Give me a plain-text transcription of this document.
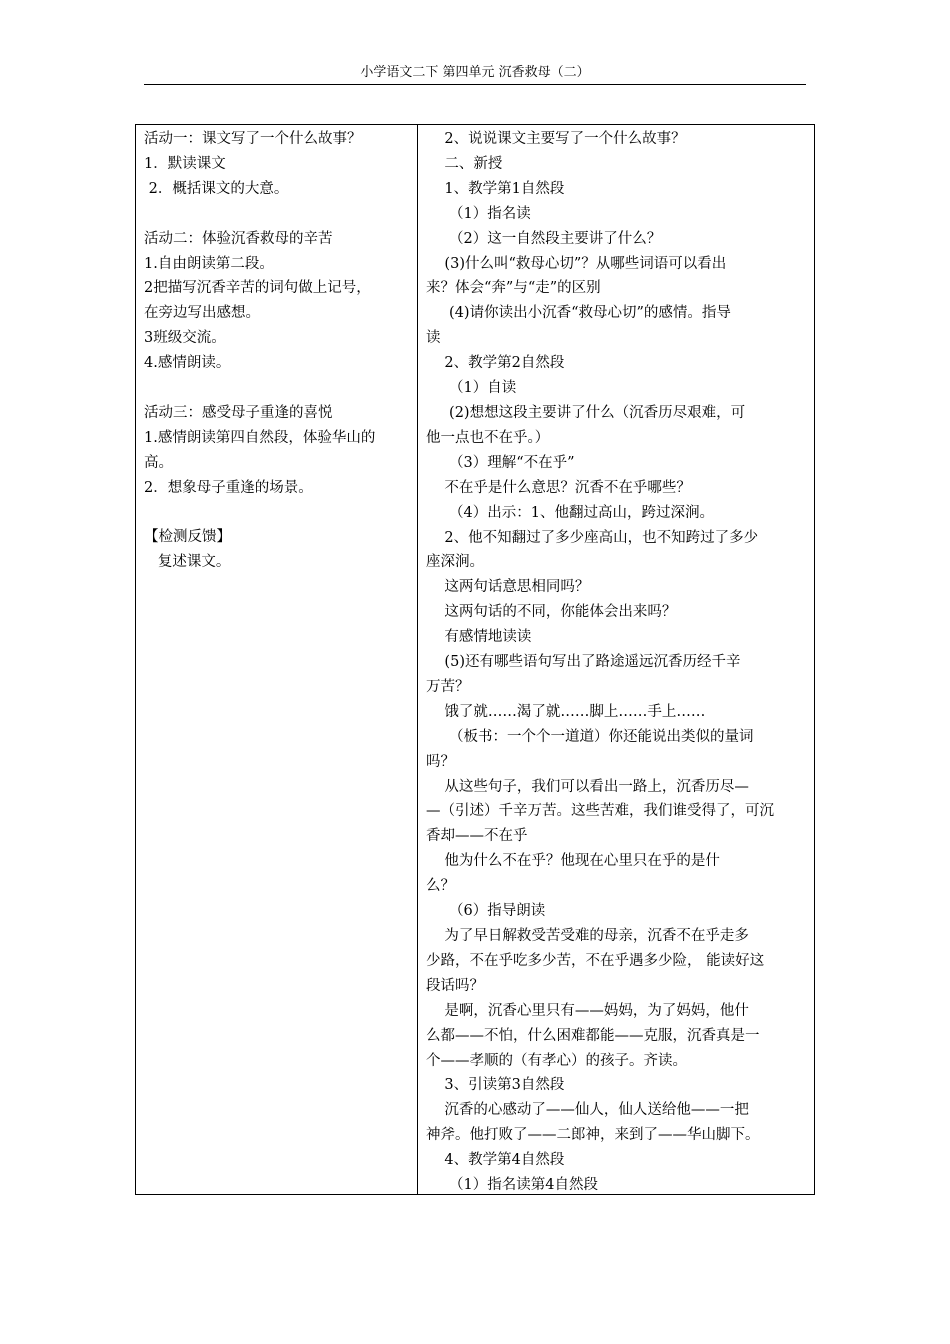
小学语文二下 第四单元 沉香救母（二）
活动一：课文写了一个什么故事？
1．默读课文
2．概括课文的大意。
活动二：体验沉香救母的辛苦
1.自由朗读第二段。
2把描写沉香辛苦的词句做上记号，
在旁边写出感想。
3班级交流。
4.感情朗读。
活动三：感受母子重逢的喜悦
1.感情朗读第四自然段，体验华山的
高。
2．想象母子重逢的场景。
【检测反馈】
复述课文。
2、说说课文主要写了一个什么故事？
二、新授
1、教学第1自然段
（1）指名读
（2）这一自然段主要讲了什么？
(3)什么叫“救母心切”？从哪些词语可以看出
来？体会“奔”与“走”的区别
(4)请你读出小沉香“救母心切”的感情。指导
读
2、教学第2自然段
（1）自读
(2)想想这段主要讲了什么（沉香历尽艰难，可
他一点也不在乎。）
（3）理解“不在乎”
不在乎是什么意思？沉香不在乎哪些？
（4）出示：1、他翻过高山，跨过深涧。
2、他不知翻过了多少座高山，也不知跨过了多少
座深涧。
这两句话意思相同吗？
这两句话的不同，你能体会出来吗？
有感情地读读
(5)还有哪些语句写出了路途遥远沉香历经千辛
万苦？
饿了就……渴了就……脚上……手上……
（板书：一个个一道道）你还能说出类似的量词
吗？
从这些句子，我们可以看出一路上，沉香历尽—
—（引述）千辛万苦。这些苦难，我们谁受得了，可沉
香却——不在乎
他为什么不在乎？他现在心里只在乎的是什
么？
（6）指导朗读
为了早日解救受苦受难的母亲，沉香不在乎走多
少路，不在乎吃多少苦，不在乎遇多少险， 能读好这
段话吗？
是啊，沉香心里只有——妈妈，为了妈妈，他什
么都——不怕，什么困难都能——克服，沉香真是一
个——孝顺的（有孝心）的孩子。齐读。
3、引读第3自然段
沉香的心感动了——仙人，仙人送给他——一把
神斧。他打败了——二郎神，来到了——华山脚下。
4、教学第4自然段
（1）指名读第4自然段
